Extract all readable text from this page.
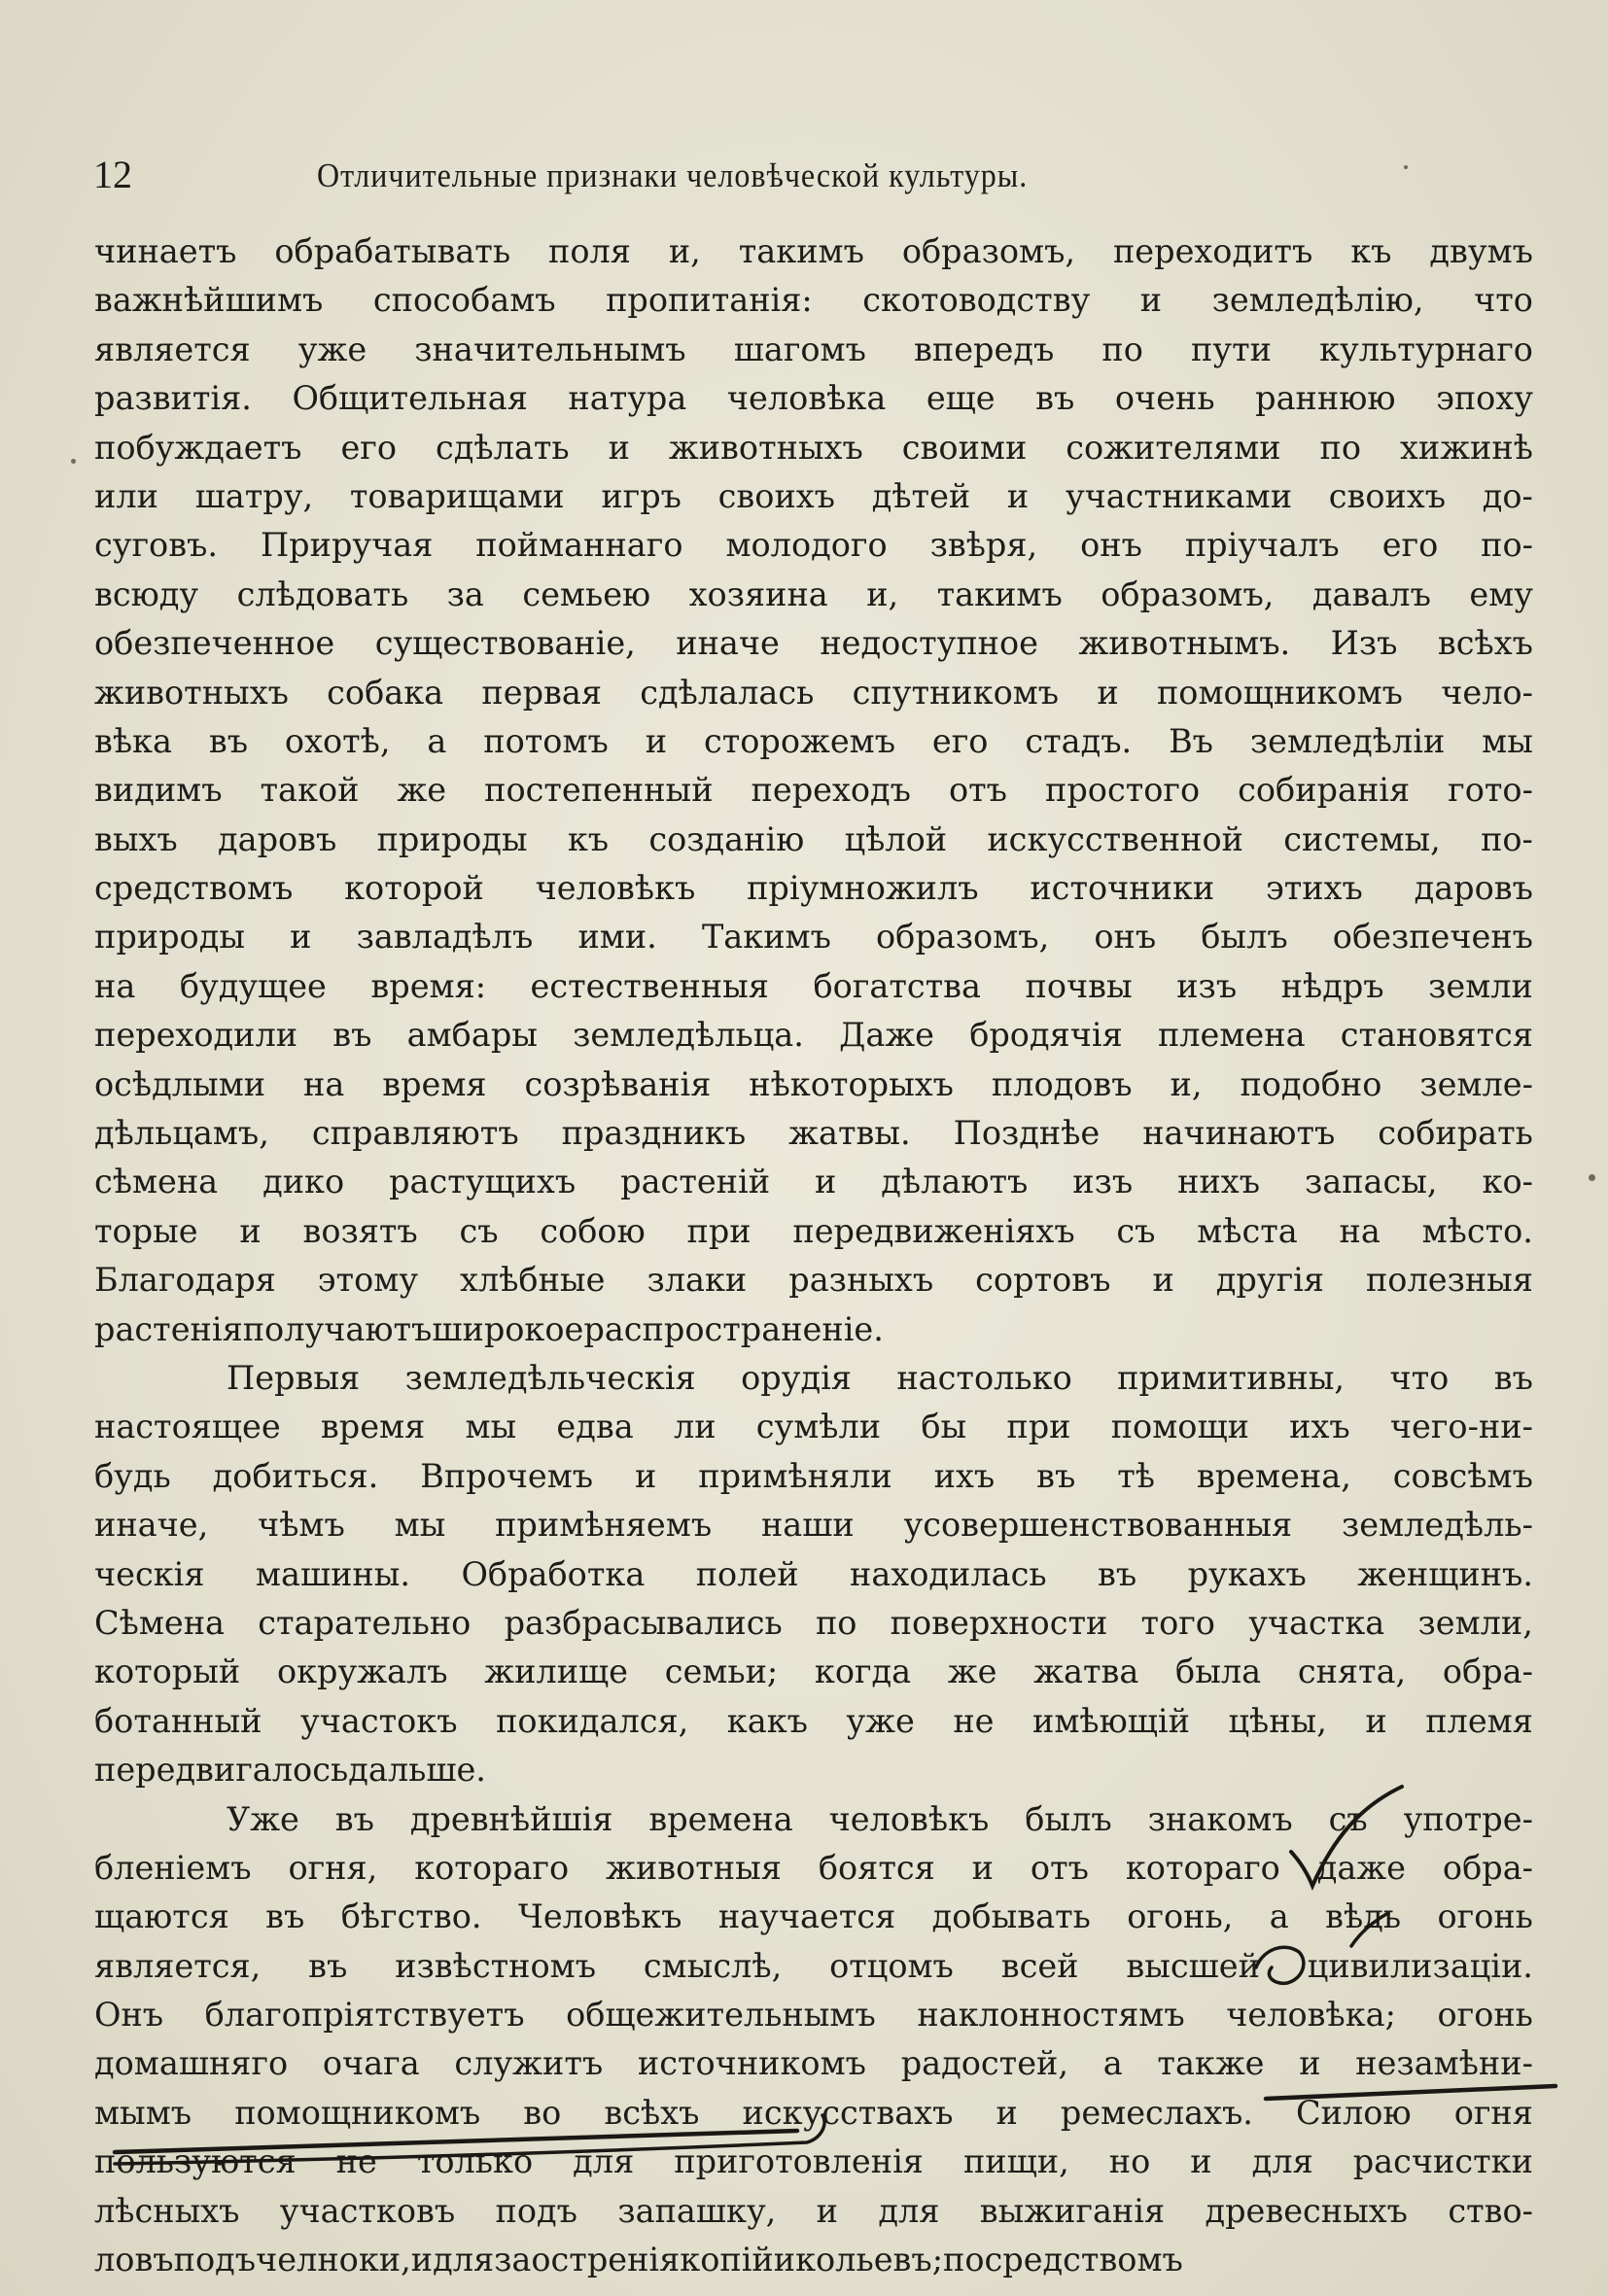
12	Отличительные признаки человѣческой культуры.
чинаетъ обрабатывать поля и, такимъ образомъ, переходитъ къ двумъ
важнѣйшимъ способамъ пропитанія: скотоводству и земледѣлію, что
является уже значительнымъ шагомъ впередъ по пути культурнаго
развитія. Общительная натура человѣка еще въ очень раннюю эпоху
побуждаетъ его сдѣлать и животныхъ своими сожителями по хижинѣ
или шатру, товарищами игръ своихъ дѣтей и участниками своихъ до-
суговъ. Приручая пойманнаго молодого звѣря, онъ пріучалъ его по-
всюду слѣдовать за семьею хозяина и, такимъ образомъ, давалъ ему
обезпеченное существованіе, иначе недоступное животнымъ. Изъ всѣхъ
животныхъ собака первая сдѣлалась спутникомъ и помощникомъ чело-
вѣка въ охотѣ, а потомъ и сторожемъ его стадъ. Въ земледѣліи мы
видимъ такой же постепенный переходъ отъ простого собиранія гото-
выхъ даровъ природы къ созданію цѣлой искусственной системы, по-
средствомъ которой человѣкъ пріумножилъ источники этихъ даровъ
природы и завладѣлъ ими. Такимъ образомъ, онъ былъ обезпеченъ
на будущее время: естественныя богатства почвы изъ нѣдръ земли
переходили въ амбары земледѣльца. Даже бродячія племена становятся
осѣдлыми на время созрѣванія нѣкоторыхъ плодовъ и, подобно земле-
дѣльцамъ, справляютъ праздникъ жатвы. Позднѣе начинаютъ собирать
сѣмена дико растущихъ растеній и дѣлаютъ изъ нихъ запасы, ко-
торые и возятъ съ собою при передвиженіяхъ съ мѣста на мѣсто.
Благодаря этому хлѣбные злаки разныхъ сортовъ и другія полезныя
растенія получаютъ широкое распространеніе.
Первыя земледѣльческія орудія настолько примитивны, что въ
настоящее время мы едва ли сумѣли бы при помощи ихъ чего-ни-
будь добиться. Впрочемъ и примѣняли ихъ въ тѣ времена, совсѣмъ
иначе, чѣмъ мы примѣняемъ наши усовершенствованныя земледѣль-
ческія машины. Обработка полей находилась въ рукахъ женщинъ.
Сѣмена старательно разбрасывались по поверхности того участка земли,
который окружалъ жилище семьи; когда же жатва была снята, обра-
ботанный участокъ покидался, какъ уже не имѣющій цѣны, и племя
передвигалось дальше.
Уже въ древнѣйшія времена человѣкъ былъ знакомъ съ употре-
бленіемъ огня, котораго животныя боятся и отъ котораго даже обра-
щаются въ бѣгство. Человѣкъ научается добывать огонь, а вѣдь огонь
является, въ извѣстномъ смыслѣ, отцомъ всей высшей цивилизаціи.
Онъ благопріятствуетъ общежительнымъ наклонностямъ человѣка; огонь
домашняго очага служитъ источникомъ радостей, а также и незамѣни-
мымъ помощникомъ во всѣхъ искусствахъ и ремеслахъ. Силою огня
пользуются не только для приготовленія пищи, но и для расчистки
лѣсныхъ участковъ подъ запашку, и для выжиганія древесныхъ ство-
ловъ подъ челноки, и для заостренія копій и кольевъ; посредствомъ
